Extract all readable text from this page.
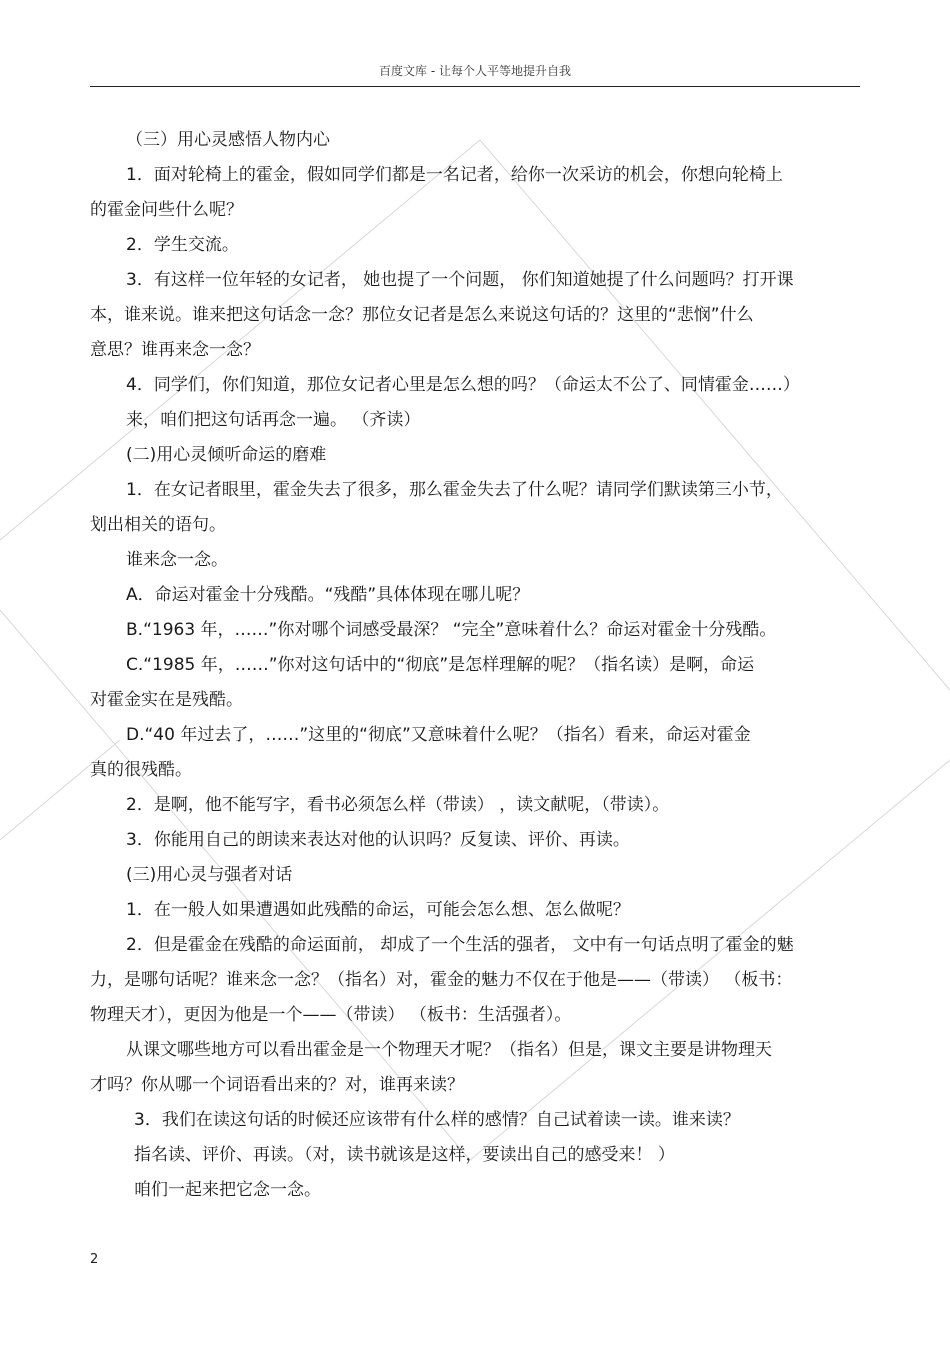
百度文库 - 让每个人平等地提升自我

（三）用心灵感悟人物内心

1．面对轮椅上的霍金，假如同学们都是一名记者，给你一次采访的机会，你想向轮椅上

的霍金问些什么呢？

2．学生交流。

3．有这样一位年轻的女记者， 她也提了一个问题， 你们知道她提了什么问题吗？打开课

本，谁来说。谁来把这句话念一念？那位女记者是怎么来说这句话的？这里的“悲悯”什么

意思？谁再来念一念？

4．同学们，你们知道，那位女记者心里是怎么想的吗？（命运太不公了、同情霍金……）

来，咱们把这句话再念一遍。 （齐读）

(二)用心灵倾听命运的磨难

1．在女记者眼里，霍金失去了很多，那么霍金失去了什么呢？请同学们默读第三小节，

划出相关的语句。

谁来念一念。

A．命运对霍金十分残酷。“残酷”具体体现在哪儿呢？

B.“1963 年，……”你对哪个词感受最深？ “完全”意味着什么？命运对霍金十分残酷。

C.“1985 年，……”你对这句话中的“彻底”是怎样理解的呢？（指名读）是啊，命运

对霍金实在是残酷。

D.“40 年过去了，……”这里的“彻底”又意味着什么呢？（指名）看来，命运对霍金

真的很残酷。

2．是啊，他不能写字，看书必须怎么样（带读） ，读文献呢，（带读）。

3．你能用自己的朗读来表达对他的认识吗？反复读、评价、再读。

(三)用心灵与强者对话

1．在一般人如果遭遇如此残酷的命运，可能会怎么想、怎么做呢？

2．但是霍金在残酷的命运面前， 却成了一个生活的强者， 文中有一句话点明了霍金的魅

力，是哪句话呢？谁来念一念？（指名）对，霍金的魅力不仅在于他是——（带读） （板书：

物理天才），更因为他是一个——（带读） （板书：生活强者）。

从课文哪些地方可以看出霍金是一个物理天才呢？（指名）但是，课文主要是讲物理天

才吗？你从哪一个词语看出来的？对，谁再来读？

3．我们在读这句话的时候还应该带有什么样的感情？自己试着读一读。谁来读？

指名读、评价、再读。（对，读书就该是这样，要读出自己的感受来！ ）

咱们一起来把它念一念。

2
